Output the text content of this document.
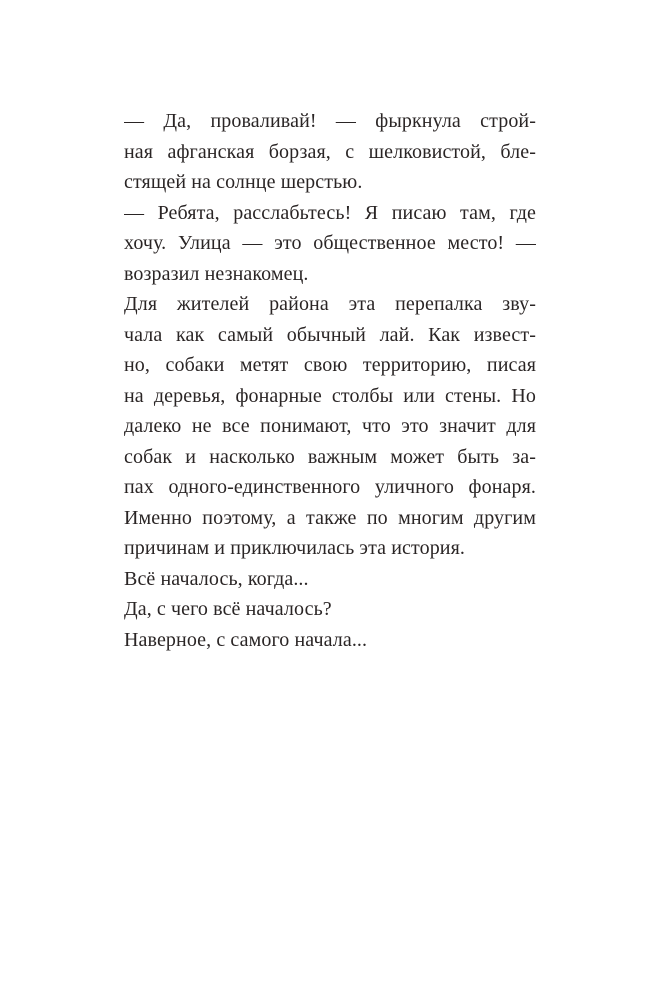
— Да, проваливай! — фыркнула строй-
ная афганская борзая, с шелковистой, бле-
стящей на солнце шерстью.

— Ребята, расслабьтесь! Я писаю там, где
хочу. Улица — это общественное место! —
возразил незнакомец.

Для жителей района эта перепалка зву-
чала как самый обычный лай. Как извест-
но, собаки метят свою территорию, писая
на деревья, фонарные столбы или стены. Но
далеко не все понимают, что это значит для
собак и насколько важным может быть за-
пах одного-единственного уличного фонаря.
Именно поэтому, а также по многим другим
причинам и приключилась эта история.

Всё началось, когда...

Да, с чего всё началось?

Наверное, с самого начала...
